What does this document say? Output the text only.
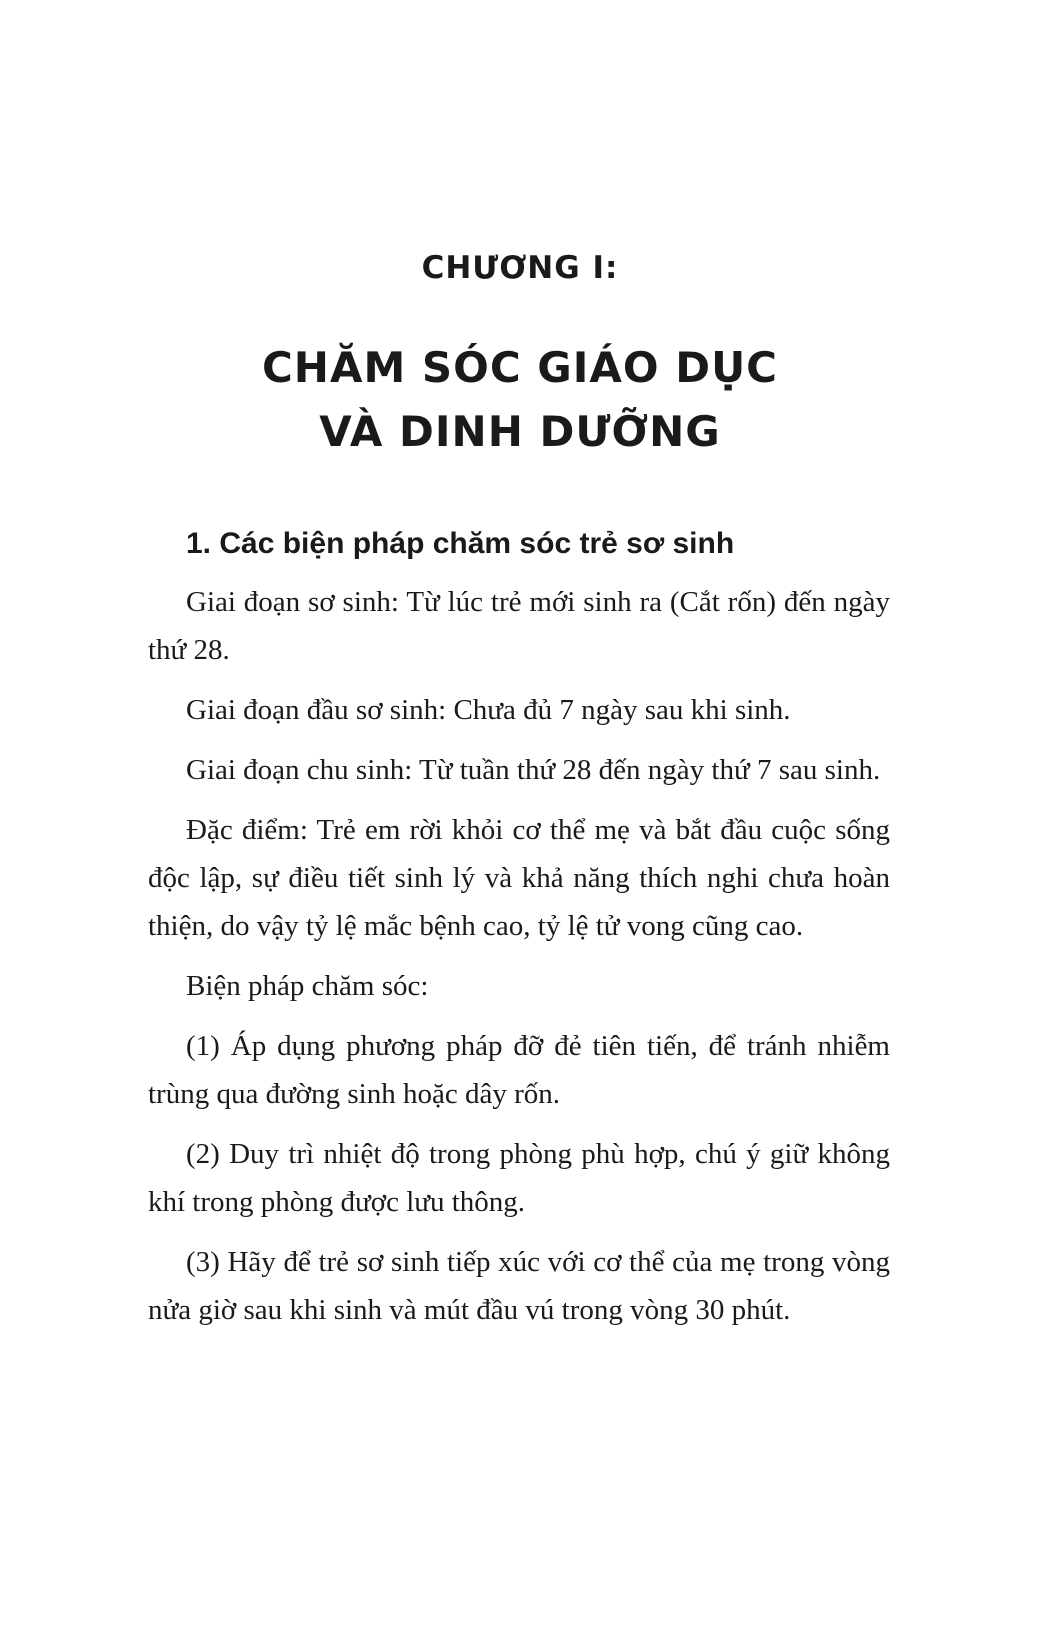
CHƯƠNG I:
CHĂM SÓC GIÁO DỤC
VÀ DINH DƯỠNG
1. Các biện pháp chăm sóc trẻ sơ sinh

Giai đoạn sơ sinh: Từ lúc trẻ mới sinh ra (Cắt rốn) đến ngày thứ 28.

Giai đoạn đầu sơ sinh: Chưa đủ 7 ngày sau khi sinh.

Giai đoạn chu sinh: Từ tuần thứ 28 đến ngày thứ 7 sau sinh.

Đặc điểm: Trẻ em rời khỏi cơ thể mẹ và bắt đầu cuộc sống độc lập, sự điều tiết sinh lý và khả năng thích nghi chưa hoàn thiện, do vậy tỷ lệ mắc bệnh cao, tỷ lệ tử vong cũng cao.

Biện pháp chăm sóc:

(1) Áp dụng phương pháp đỡ đẻ tiên tiến, để tránh nhiễm trùng qua đường sinh hoặc dây rốn.

(2) Duy trì nhiệt độ trong phòng phù hợp, chú ý giữ không khí trong phòng được lưu thông.

(3) Hãy để trẻ sơ sinh tiếp xúc với cơ thể của mẹ trong vòng nửa giờ sau khi sinh và mút đầu vú trong vòng 30 phút.
